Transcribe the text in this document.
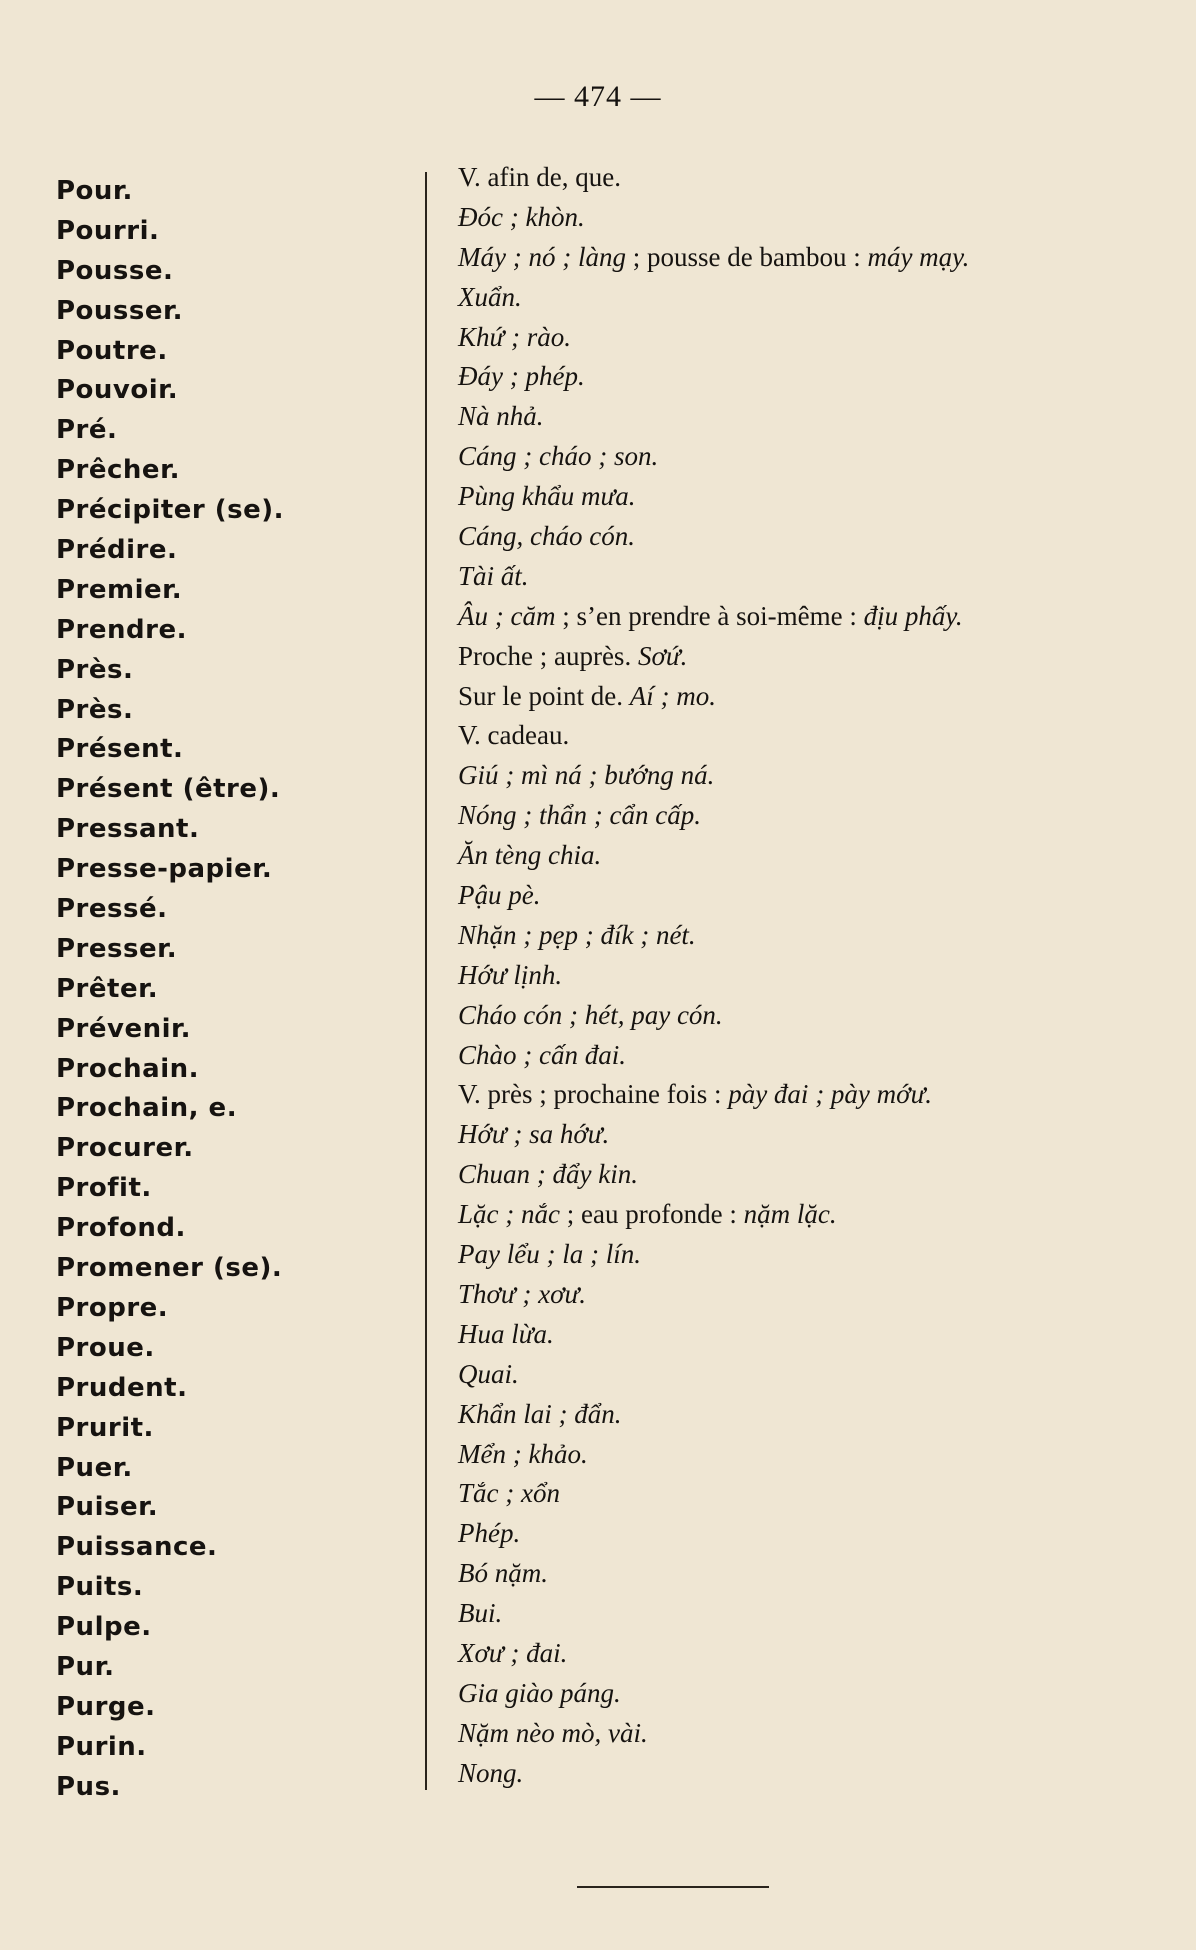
— 474 —
Pour.
Pourri.
Pousse.
Pousser.
Poutre.
Pouvoir.
Pré.
Prêcher.
Précipiter (se).
Prédire.
Premier.
Prendre.
Près.
Près.
Présent.
Présent (être).
Pressant.
Presse-papier.
Pressé.
Presser.
Prêter.
Prévenir.
Prochain.
Prochain, e.
Procurer.
Profit.
Profond.
Promener (se).
Propre.
Proue.
Prudent.
Prurit.
Puer.
Puiser.
Puissance.
Puits.
Pulpe.
Pur.
Purge.
Purin.
Pus.
V. afin de, que.
Ðóc ; khòn.
Máy ; nó ; làng ; pousse de bambou : máy mạy.
Xuẩn.
Khứ ; rào.
Ðáy ; phép.
Nà nhả.
Cáng ; cháo ; son.
Pùng khẩu mưa.
Cáng, cháo cón.
Tài ất.
Âu ; căm ; s’en prendre à soi-même : địu phấy.
Proche ; auprès. Sơứ.
Sur le point de. Aí ; mo.
V. cadeau.
Giú ; mì ná ; bướng ná.
Nóng ; thẩn ; cẩn cấp.
Ăn tèng chia.
Pậu pè.
Nhặn ; pẹp ; đík ; nét.
Hớư lịnh.
Cháo cón ; hét, pay cón.
Chào ; cấn đai.
V. près ; prochaine fois : pày đai ; pày mớư.
Hớư ; sa hớư.
Chuan ; đẩy kin.
Lặc ; nắc ; eau profonde : nặm lặc.
Pay lểu ; la ; lín.
Thơư ; xơư.
Hua lừa.
Quai.
Khẩn lai ; đẩn.
Mển ; khảo.
Tắc ; xổn
Phép.
Bó nặm.
Bui.
Xơư ; đai.
Gia giào páng.
Nặm nèo mò, vài.
Nong.
